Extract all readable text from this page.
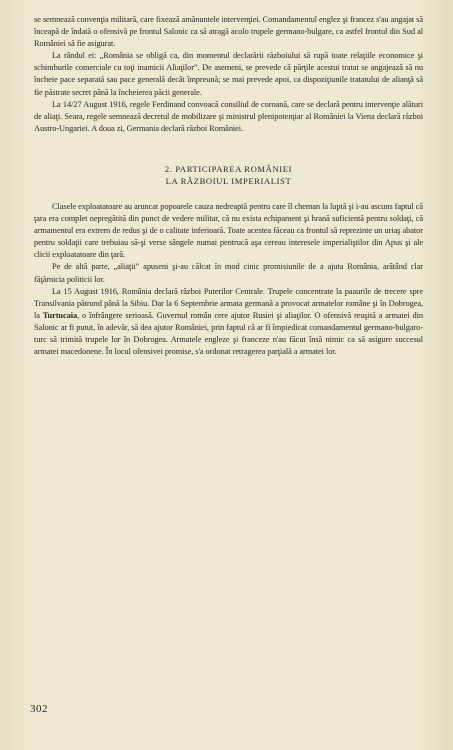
se semnează convenţia militară, care fixează amănuntele intervenţiei. Comandamentul englez şi francez s'au angajat să înceapă de îndată o ofensivă pe frontul Salonic ca să atragă acolo trupele germano-bulgare, ca astfel frontul din Sud al României să fie asigurat.

La rândul ei: „România se obligă ca, din momentul declarării războiului să rupă toate relaţiile economice şi schimburile comerciale cu toţi inamicii Aliaţilor”. De asemeni, se prevede că părţile acestui tratat se angajează să nu încheie pace separată sau pace generală decât împreună; se mai prevede apoi, ca dispoziţiunile tratatului de alianţă să fie păstrate secret până la încheierea păcii generale.

La 14/27 August 1916, regele Ferdinand convoacă consiliul de coroană, care se declară pentru intervenţie alături de aliaţi. Seara, regele semnează decretul de mobilizare şi ministrul plenipotenţiar al României la Viena declară război Austro-Ungariei. A doua zi, Germania declară război României.

2. PARTICIPAREA ROMÂNIEI
LA RĂZBOIUL IMPERIALIST

Clasele exploatatoare au aruncat popoarele cauza nedreaptă pentru care îl cheman la luptă şi i-au ascuns faptul că ţara era complet nepregătită din punct de vedere militar, că nu exista echipament şi hrană suficientă pentru soldaţi, că armamentul era extrem de redus şi de o calitate inferioară. Toate acestea făceau ca frontul să reprezinte un uriaş abator pentru soldaţii care trebuiau să-şi verse sângele numai pentrucă aşa cereau interesele imperialiştilor din Apus şi ale clicii exploatatoare din ţară.

Pe de altă parte, „aliaţii” apuseni şi-au călcat în mod cinic promisiunile de a ajuta România, arătând clar făţărnicia politicii lor.

La 15 August 1916, România declară război Puterilor Centrale. Trupele concentrate la paaurile de trecere spre Transilvania pătrund până la Sibiu. Dar la 6 Septembrie armata germană a provocat armatelor române şi în Dobrogea, la Turtucaia, o înfrângere serioasă. Guvernul român cere ajutor Rusiei şi aliaţilor. O ofensivă reuşită a armatei din Salonic ar fi putut, în adevăr, să dea ajutor României, prin faptul că ar fi împiedicat comandamentul germano-bulgaro-turc să trimită trupele lor în Dobrogea. Armatele engleze şi franceze n'au făcut însă nimic ca să asigure succesul armatei macedonene. În locul ofensivei promise, s'a ordonat retragerea parţială a armatei lor.

302
